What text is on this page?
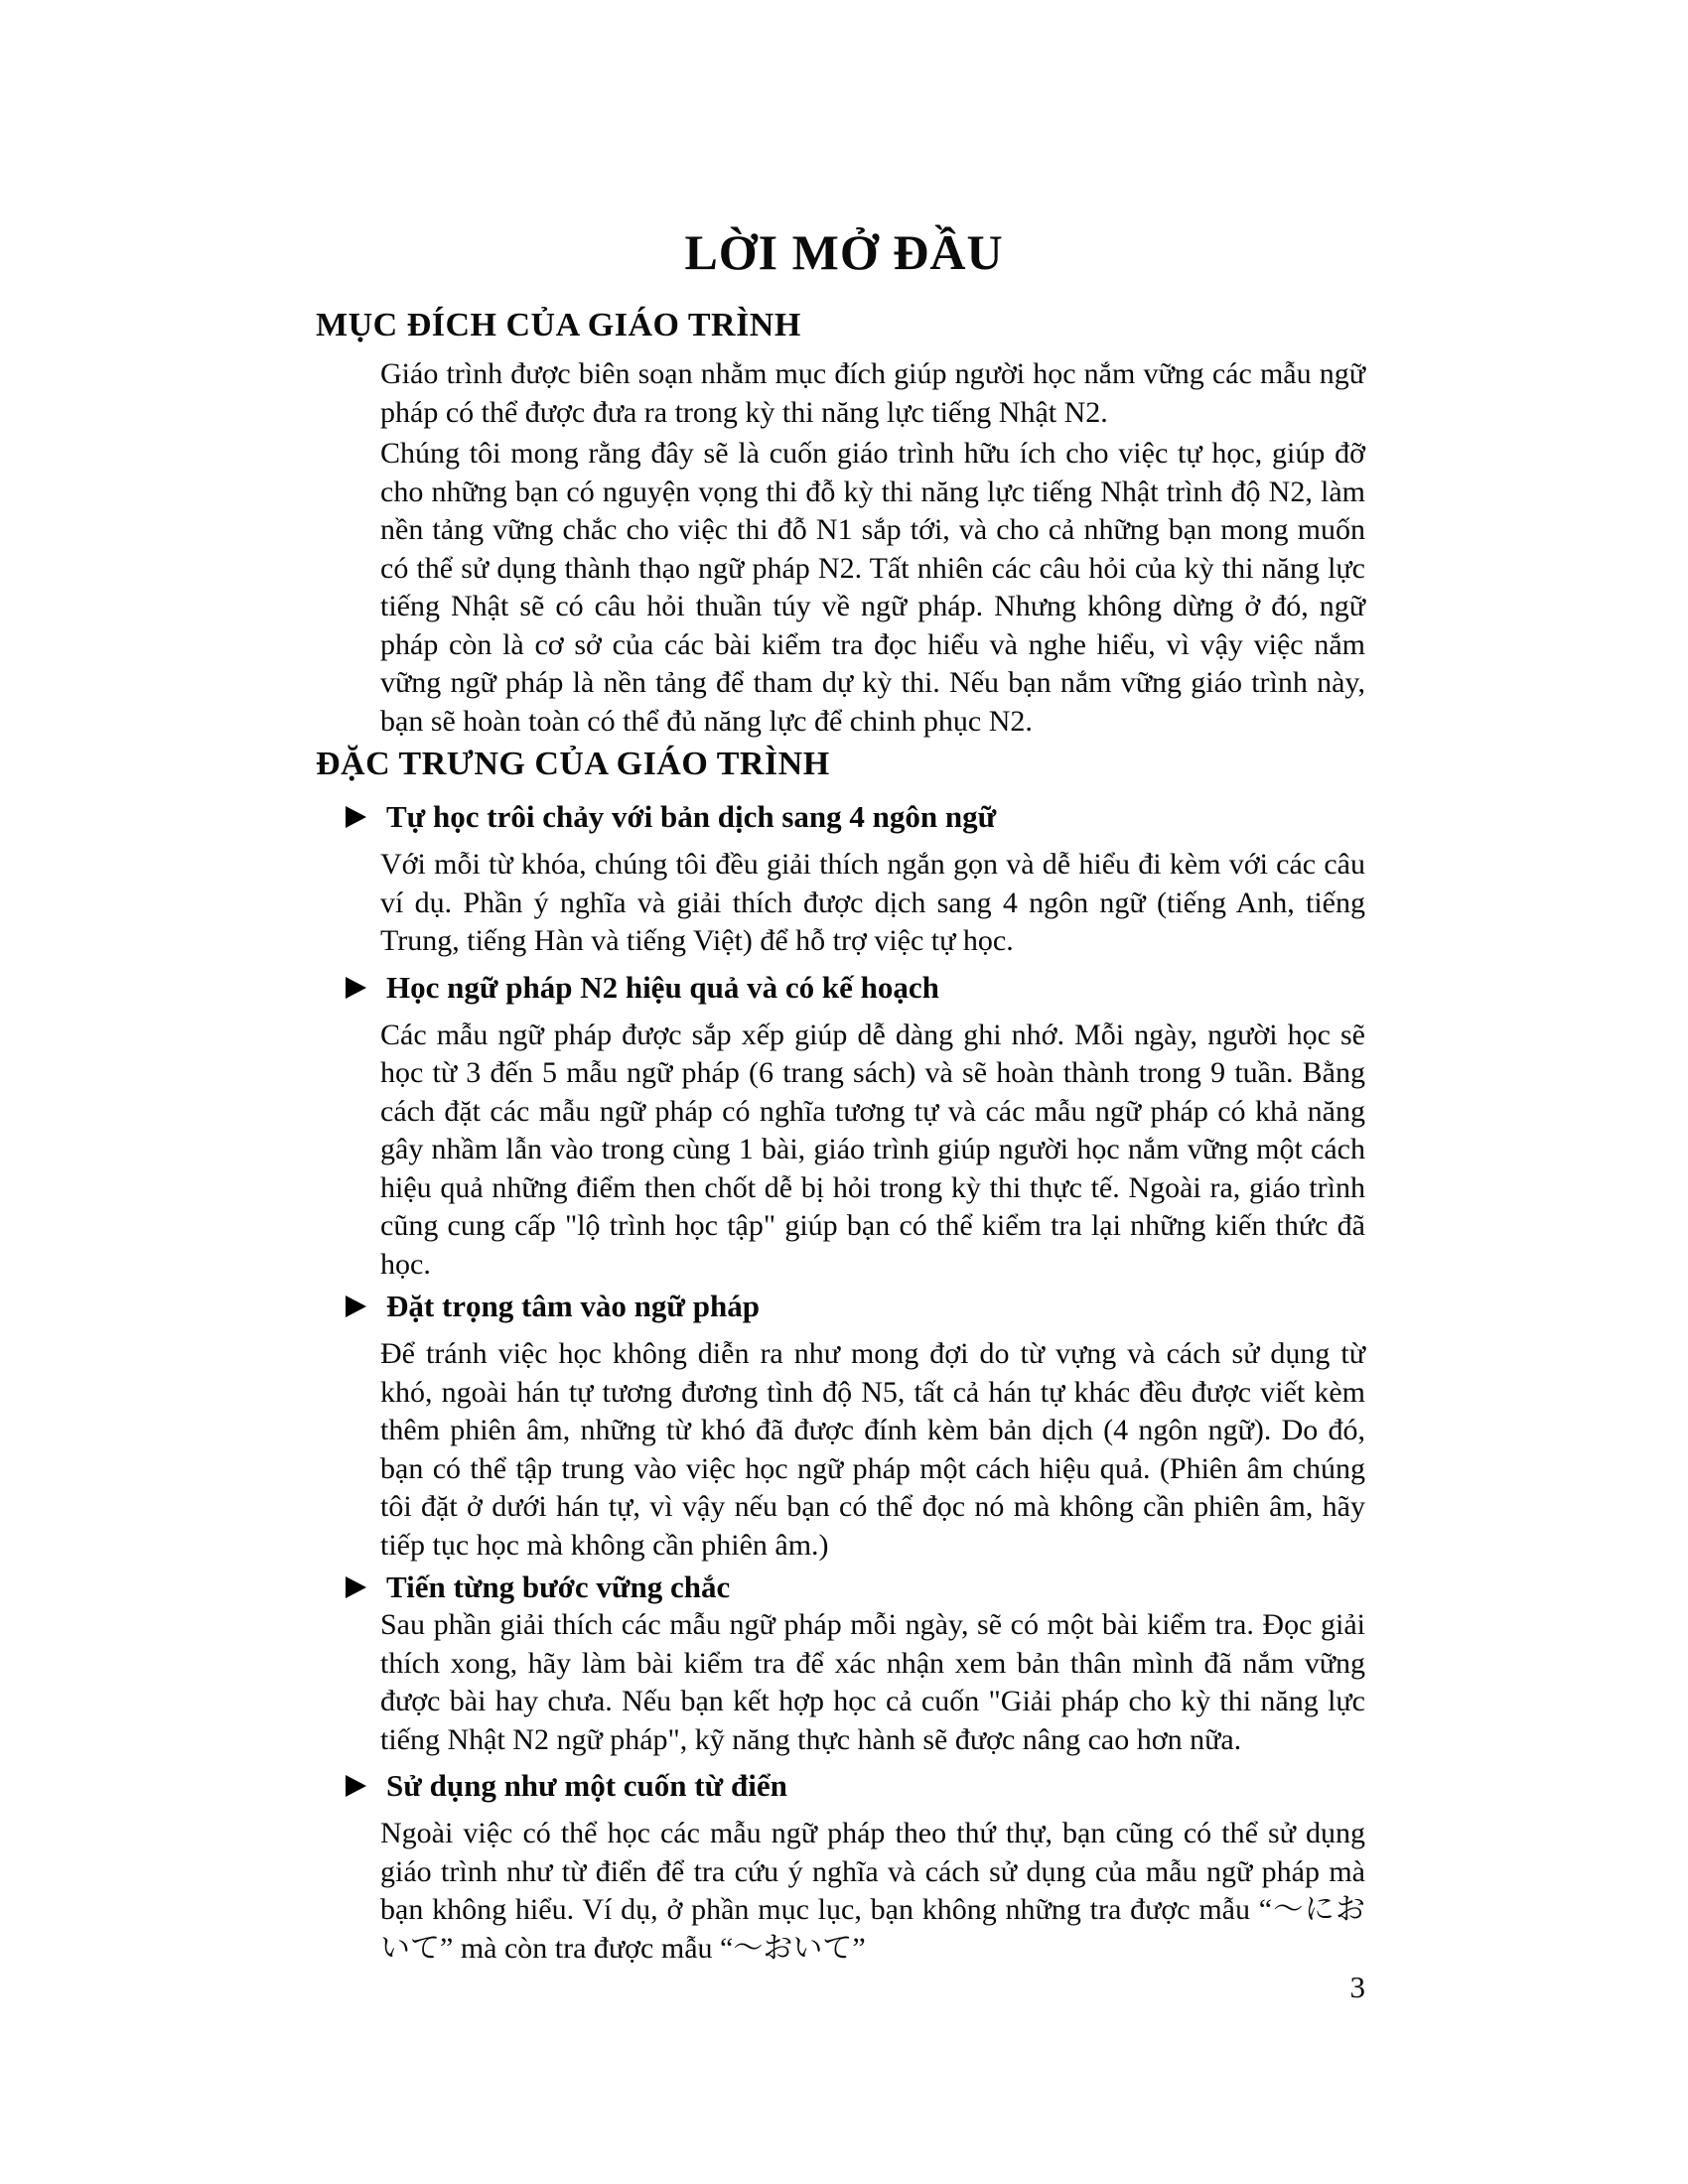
LỜI MỞ ĐẦU
MỤC ĐÍCH CỦA GIÁO TRÌNH

Giáo trình được biên soạn nhằm mục đích giúp người học nắm vững các mẫu ngữ pháp có thể được đưa ra trong kỳ thi năng lực tiếng Nhật N2.

Chúng tôi mong rằng đây sẽ là cuốn giáo trình hữu ích cho việc tự học, giúp đỡ cho những bạn có nguyện vọng thi đỗ kỳ thi năng lực tiếng Nhật trình độ N2, làm nền tảng vững chắc cho việc thi đỗ N1 sắp tới, và cho cả những bạn mong muốn có thể sử dụng thành thạo ngữ pháp N2. Tất nhiên các câu hỏi của kỳ thi năng lực tiếng Nhật sẽ có câu hỏi thuần túy về ngữ pháp. Nhưng không dừng ở đó, ngữ pháp còn là cơ sở của các bài kiểm tra đọc hiểu và nghe hiểu, vì vậy việc nắm vững ngữ pháp là nền tảng để tham dự kỳ thi. Nếu bạn nắm vững giáo trình này, bạn sẽ hoàn toàn có thể đủ năng lực để chinh phục N2.

ĐẶC TRƯNG CỦA GIÁO TRÌNH
Tự học trôi chảy với bản dịch sang 4 ngôn ngữ

Với mỗi từ khóa, chúng tôi đều giải thích ngắn gọn và dễ hiểu đi kèm với các câu ví dụ. Phần ý nghĩa và giải thích được dịch sang 4 ngôn ngữ (tiếng Anh, tiếng Trung, tiếng Hàn và tiếng Việt) để hỗ trợ việc tự học.

Học ngữ pháp N2 hiệu quả và có kế hoạch

Các mẫu ngữ pháp được sắp xếp giúp dễ dàng ghi nhớ. Mỗi ngày, người học sẽ học từ 3 đến 5 mẫu ngữ pháp (6 trang sách) và sẽ hoàn thành trong 9 tuần. Bằng cách đặt các mẫu ngữ pháp có nghĩa tương tự và các mẫu ngữ pháp có khả năng gây nhầm lẫn vào trong cùng 1 bài, giáo trình giúp người học nắm vững một cách hiệu quả những điểm then chốt dễ bị hỏi trong kỳ thi thực tế. Ngoài ra, giáo trình cũng cung cấp "lộ trình học tập" giúp bạn có thể kiểm tra lại những kiến thức đã học.

Đặt trọng tâm vào ngữ pháp

Để tránh việc học không diễn ra như mong đợi do từ vựng và cách sử dụng từ khó, ngoài hán tự tương đương tình độ N5, tất cả hán tự khác đều được viết kèm thêm phiên âm, những từ khó đã được đính kèm bản dịch (4 ngôn ngữ). Do đó, bạn có thể tập trung vào việc học ngữ pháp một cách hiệu quả. (Phiên âm chúng tôi đặt ở dưới hán tự, vì vậy nếu bạn có thể đọc nó mà không cần phiên âm, hãy tiếp tục học mà không cần phiên âm.)

Tiến từng bước vững chắc

Sau phần giải thích các mẫu ngữ pháp mỗi ngày, sẽ có một bài kiểm tra. Đọc giải thích xong, hãy làm bài kiểm tra để xác nhận xem bản thân mình đã nắm vững được bài hay chưa. Nếu bạn kết hợp học cả cuốn "Giải pháp cho kỳ thi năng lực tiếng Nhật N2 ngữ pháp", kỹ năng thực hành sẽ được nâng cao hơn nữa.

Sử dụng như một cuốn từ điển

Ngoài việc có thể học các mẫu ngữ pháp theo thứ thự, bạn cũng có thể sử dụng giáo trình như từ điển để tra cứu ý nghĩa và cách sử dụng của mẫu ngữ pháp mà bạn không hiểu. Ví dụ, ở phần mục lục, bạn không những tra được mẫu “〜において” mà còn tra được mẫu “〜おいて”

3
